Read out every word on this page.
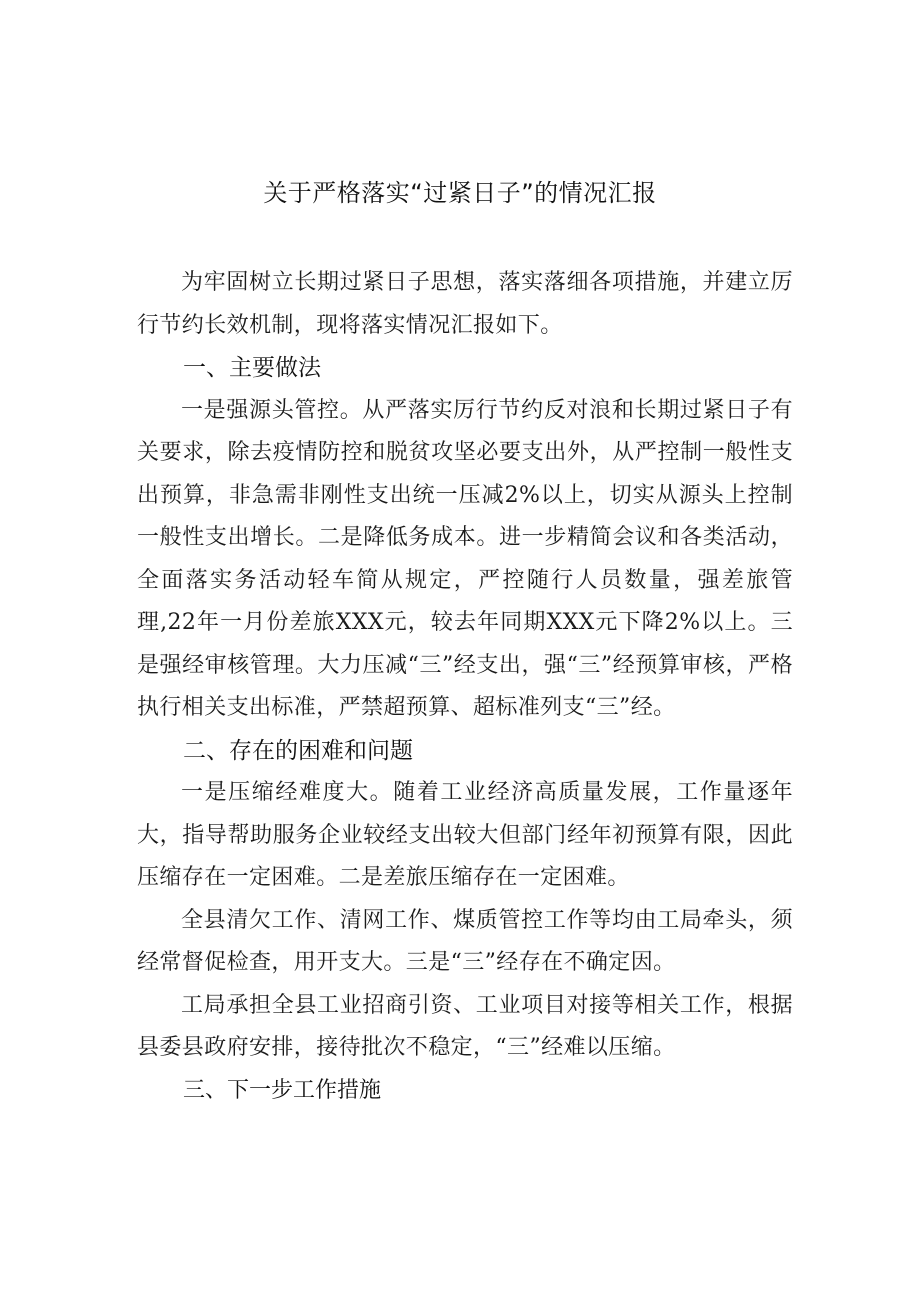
关于严格落实“过紧日子”的情况汇报

为牢固树立长期过紧日子思想，落实落细各项措施，并建立厉行节约长效机制，现将落实情况汇报如下。

一、主要做法

一是强源头管控。从严落实厉行节约反对浪和长期过紧日子有关要求，除去疫情防控和脱贫攻坚必要支出外，从严控制一般性支出预算，非急需非刚性支出统一压减2%以上，切实从源头上控制一般性支出增长。二是降低务成本。进一步精简会议和各类活动，全面落实务活动轻车简从规定，严控随行人员数量，强差旅管理,22年一月份差旅XXX元，较去年同期XXX元下降2%以上。三是强经审核管理。大力压减“三”经支出，强“三”经预算审核，严格执行相关支出标准，严禁超预算、超标准列支“三”经。

二、存在的困难和问题

一是压缩经难度大。随着工业经济高质量发展，工作量逐年大，指导帮助服务企业较经支出较大但部门经年初预算有限，因此压缩存在一定困难。二是差旅压缩存在一定困难。

全县清欠工作、清网工作、煤质管控工作等均由工局牵头，须经常督促检查，用开支大。三是“三”经存在不确定因。

工局承担全县工业招商引资、工业项目对接等相关工作，根据县委县政府安排，接待批次不稳定，“三”经难以压缩。

三、下一步工作措施
